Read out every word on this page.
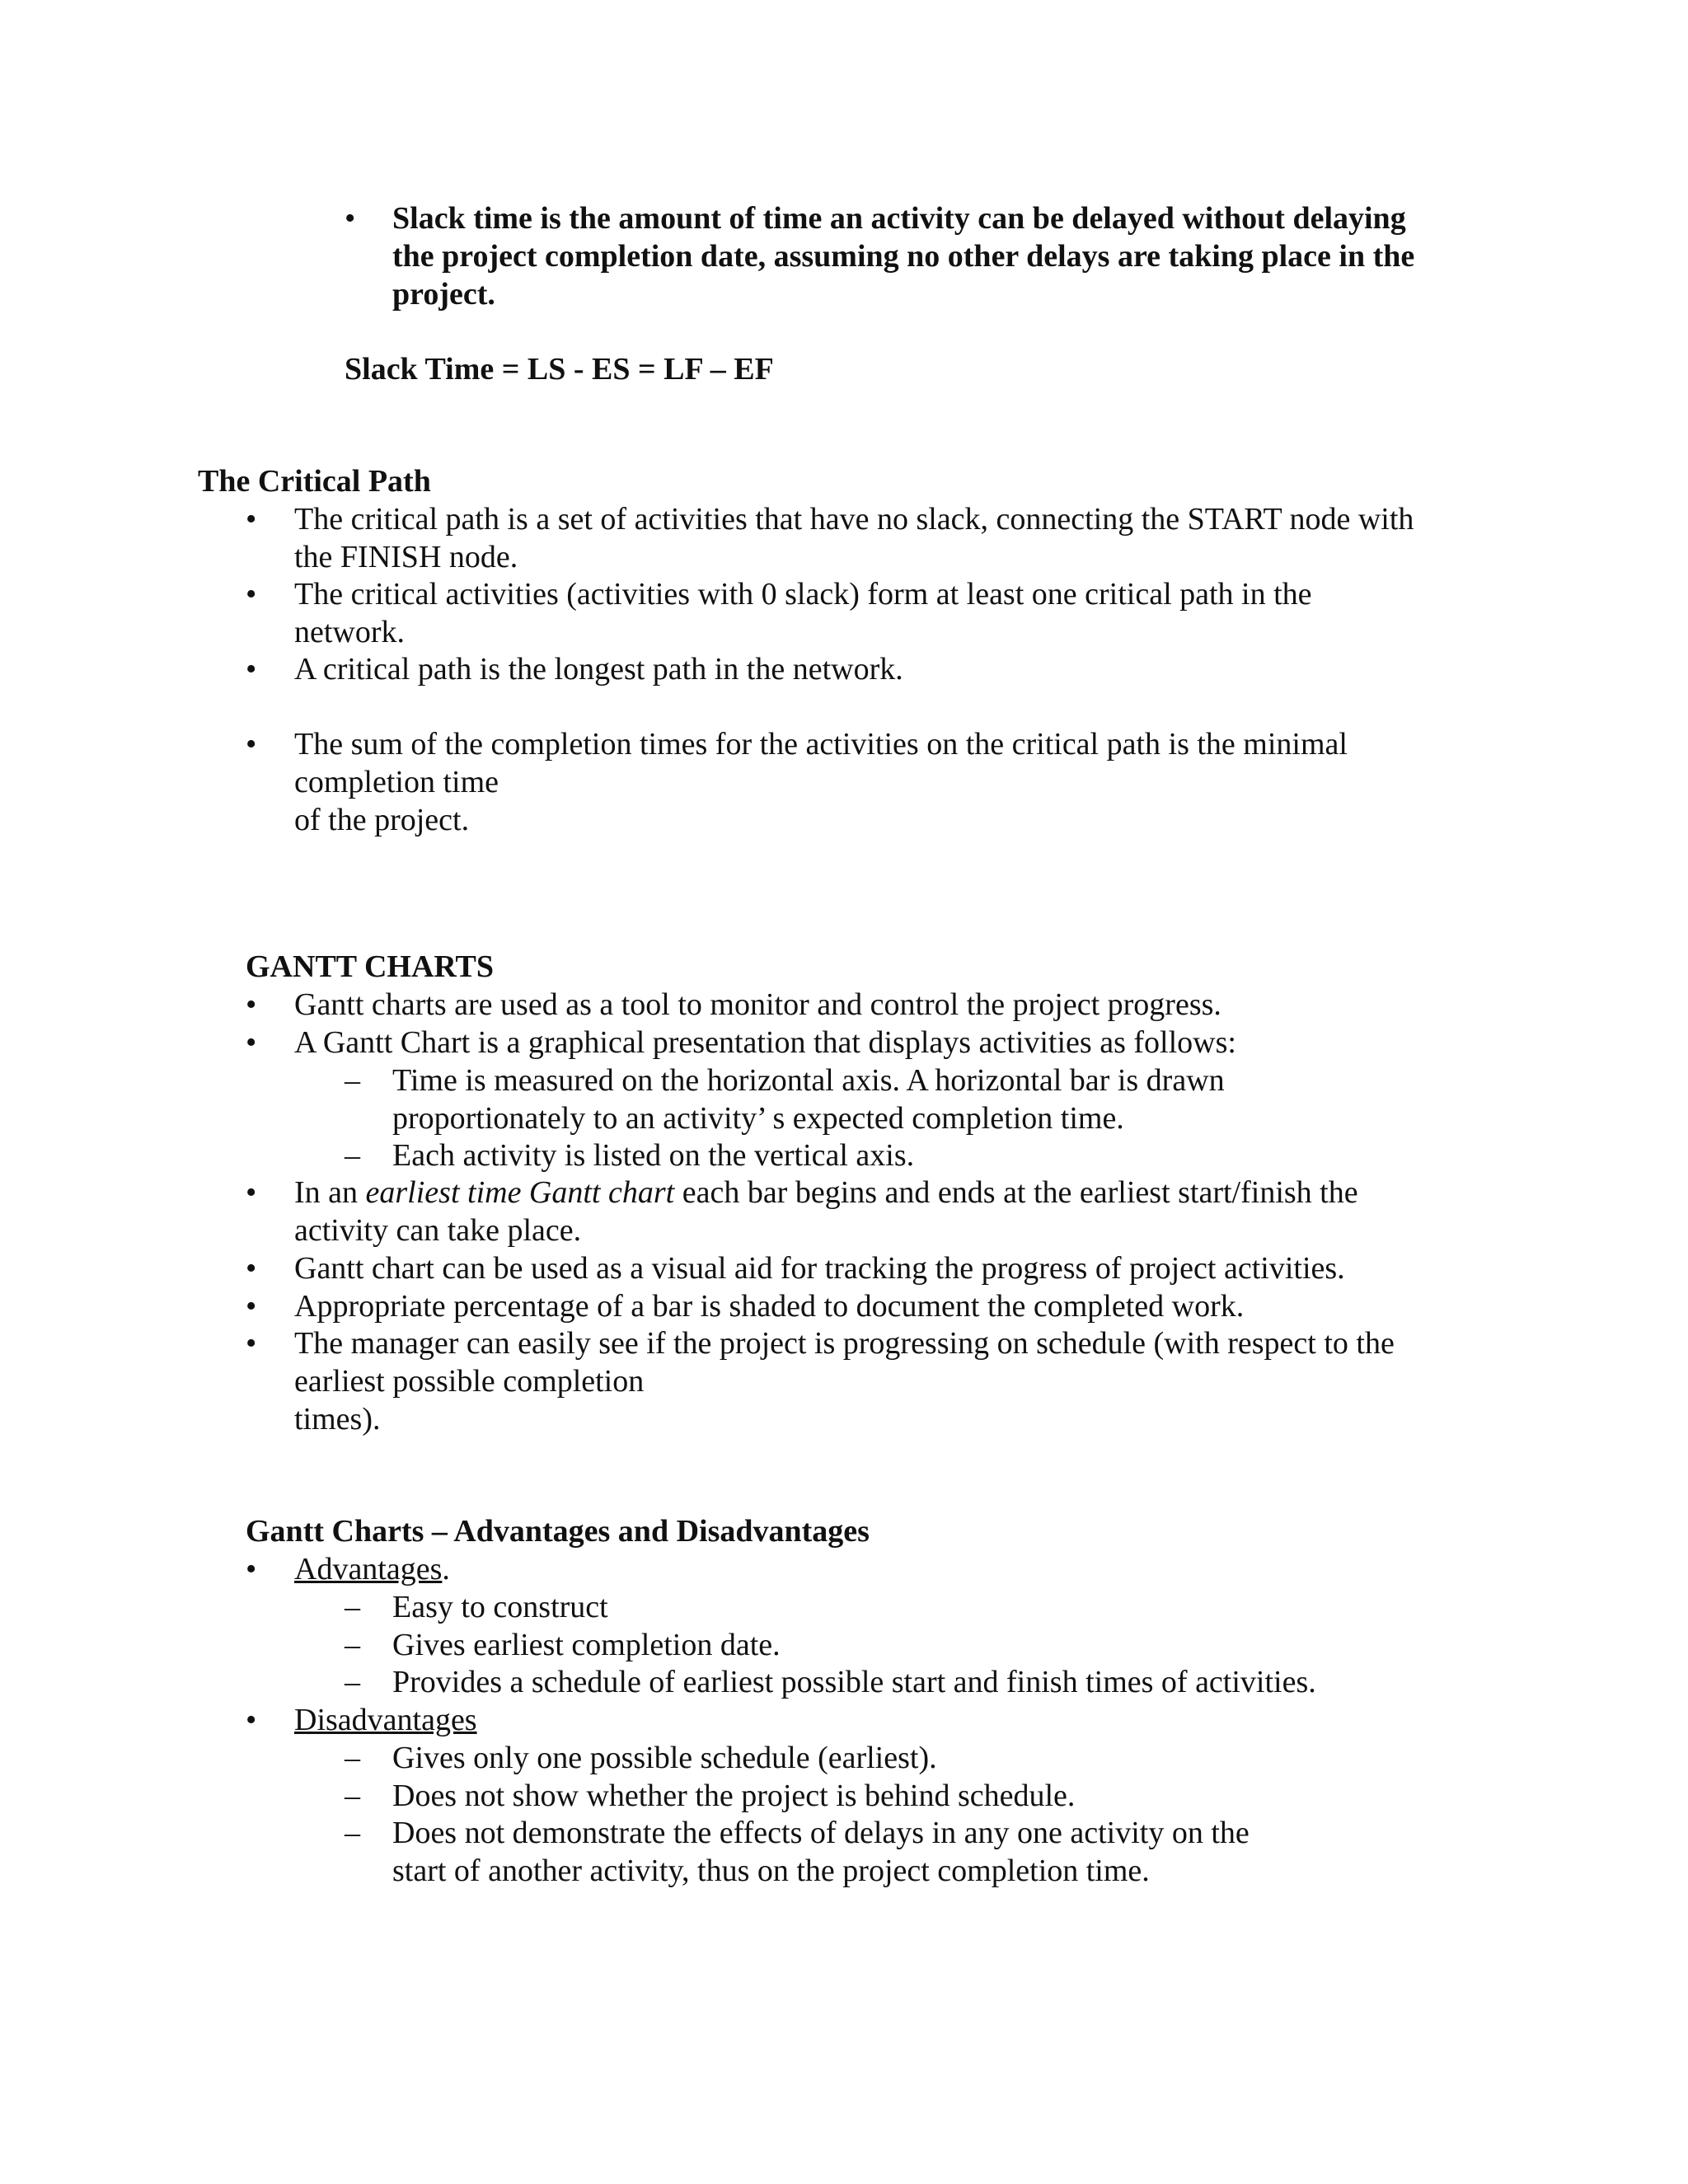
• Slack time is the amount of time an activity can be delayed without delaying
the project completion date, assuming no other delays are taking place in the
project.
Slack Time = LS - ES = LF – EF
The Critical Path
• The critical path is a set of activities that have no slack, connecting the START node with
the FINISH node.
• The critical activities (activities with 0 slack) form at least one critical path in the
network.
• A critical path is the longest path in the network.
• The sum of the completion times for the activities on the critical path is the minimal
completion time
of the project.
GANTT CHARTS
• Gantt charts are used as a tool to monitor and control the project progress.
• A Gantt Chart is a graphical presentation that displays activities as follows:
– Time is measured on the horizontal axis. A horizontal bar is drawn
proportionately to an activity’ s expected completion time.
– Each activity is listed on the vertical axis.
• In an earliest time Gantt chart each bar begins and ends at the earliest start/finish the
activity can take place.
• Gantt chart can be used as a visual aid for tracking the progress of project activities.
• Appropriate percentage of a bar is shaded to document the completed work.
• The manager can easily see if the project is progressing on schedule (with respect to the
earliest possible completion
times).
Gantt Charts – Advantages and Disadvantages
• Advantages.
– Easy to construct
– Gives earliest completion date.
– Provides a schedule of earliest possible start and finish times of activities.
• Disadvantages
– Gives only one possible schedule (earliest).
– Does not show whether the project is behind schedule.
– Does not demonstrate the effects of delays in any one activity on the
start of another activity, thus on the project completion time.
